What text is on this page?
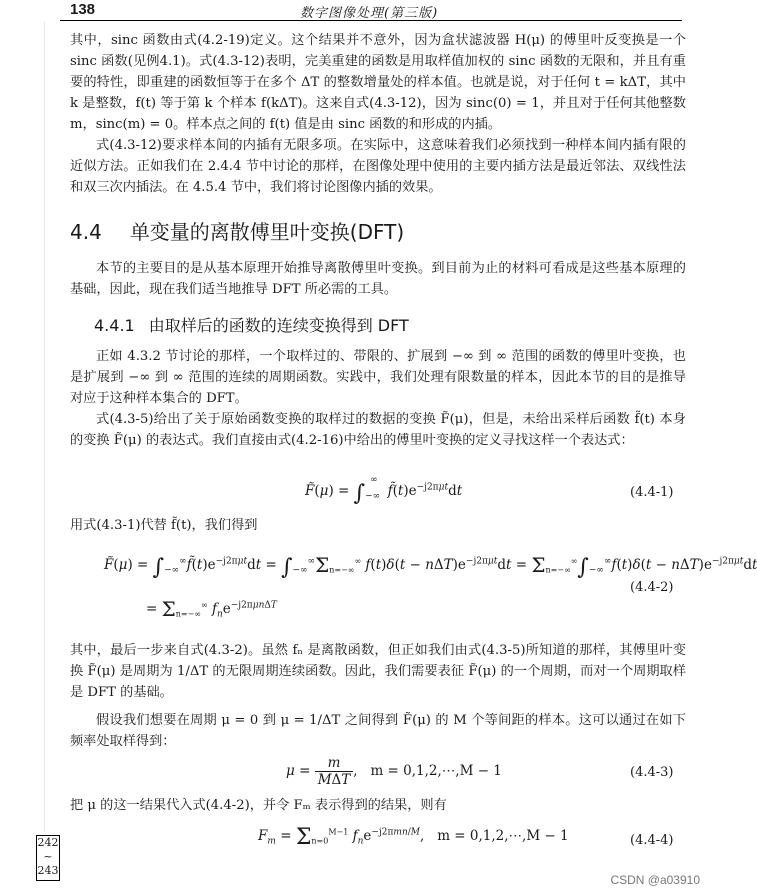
138	数字图像处理(第三版)

其中，sinc 函数由式(4.2-19)定义。这个结果并不意外，因为盒状滤波器 H(μ) 的傅里叶反变换是一个 sinc 函数(见例4.1)。式(4.3-12)表明，完美重建的函数是用取样值加权的 sinc 函数的无限和，并且有重要的特性，即重建的函数恒等于在多个 ΔT 的整数增量处的样本值。也就是说，对于任何 t = kΔT，其中 k 是整数，f(t) 等于第 k 个样本 f(kΔT)。这来自式(4.3-12)，因为 sinc(0) = 1，并且对于任何其他整数 m，sinc(m) = 0。样本点之间的 f(t) 值是由 sinc 函数的和形成的内插。

式(4.3-12)要求样本间的内插有无限多项。在实际中，这意味着我们必须找到一种样本间内插有限的近似方法。正如我们在 2.4.4 节中讨论的那样，在图像处理中使用的主要内插方法是最近邻法、双线性法和双三次内插法。在 4.5.4 节中，我们将讨论图像内插的效果。

4.4 单变量的离散傅里叶变换(DFT)

本节的主要目的是从基本原理开始推导离散傅里叶变换。到目前为止的材料可看成是这些基本原理的基础，因此，现在我们适当地推导 DFT 所必需的工具。

4.4.1 由取样后的函数的连续变换得到 DFT

正如 4.3.2 节讨论的那样，一个取样过的、带限的、扩展到 −∞ 到 ∞ 范围的函数的傅里叶变换，也是扩展到 −∞ 到 ∞ 范围的连续的周期函数。实践中，我们处理有限数量的样本，因此本节的目的是推导对应于这种样本集合的 DFT。

式(4.3-5)给出了关于原始函数变换的取样过的数据的变换 F̃(μ)，但是，未给出采样后函数 f̃(t) 本身的变换 F̃(μ) 的表达式。我们直接由式(4.2-16)中给出的傅里叶变换的定义寻找这样一个表达式：

F̃(μ) = $\int_{-\infty}^\infty f̃(t)e^{-j2\pi\mu t}dt$	(4.4-1)

用式(4.3-1)代替 f̃(t)，我们得到

F̃(μ) = $\int_{-\infty}^\infty f̃(t)e^{-j2\pi\mu t}dt = \int_{-\infty}^\infty\Sigma_{n=-\infty}^\infty$ $f(t)\delta(t - n\Delta T)e^{-j2\pi\mu t}dt = \Sigma_{n=-\infty}^\infty\int_{-\infty}^\infty f(t)\delta(t - n\Delta T)e^{-j2\pi\mu t}dt$
= $\Sigma_{n=-\infty}^\infty$ $f_ne^{-j2\pi\mu n\Delta T}$
(4.4-2)

其中，最后一步来自式(4.3-2)。虽然 fₙ 是离散函数，但正如我们由式(4.3-5)所知道的那样，其傅里叶变换 F̃(μ) 是周期为 1/ΔT 的无限周期连续函数。因此，我们需要表征 F̃(μ) 的一个周期，而对一个周期取样是 DFT 的基础。

假设我们想要在周期 μ = 0 到 μ = 1/ΔT 之间得到 F̃(μ) 的 M 个等间距的样本。这可以通过在如下频率处取样得到：

μ = m
MΔT
,   m = 0,1,2,⋯,M − 1	(4.4-3)

把 μ 的这一结果代入式(4.4-2)，并令 Fₘ 表示得到的结果，则有

$F_m = \Sigma_{n=0}^{M-1}$ $f_ne^{-j2\pi mn/M}$,   m = 0,1,2,⋯,M − 1	(4.4-4)
242
~
243
CSDN @a03910
